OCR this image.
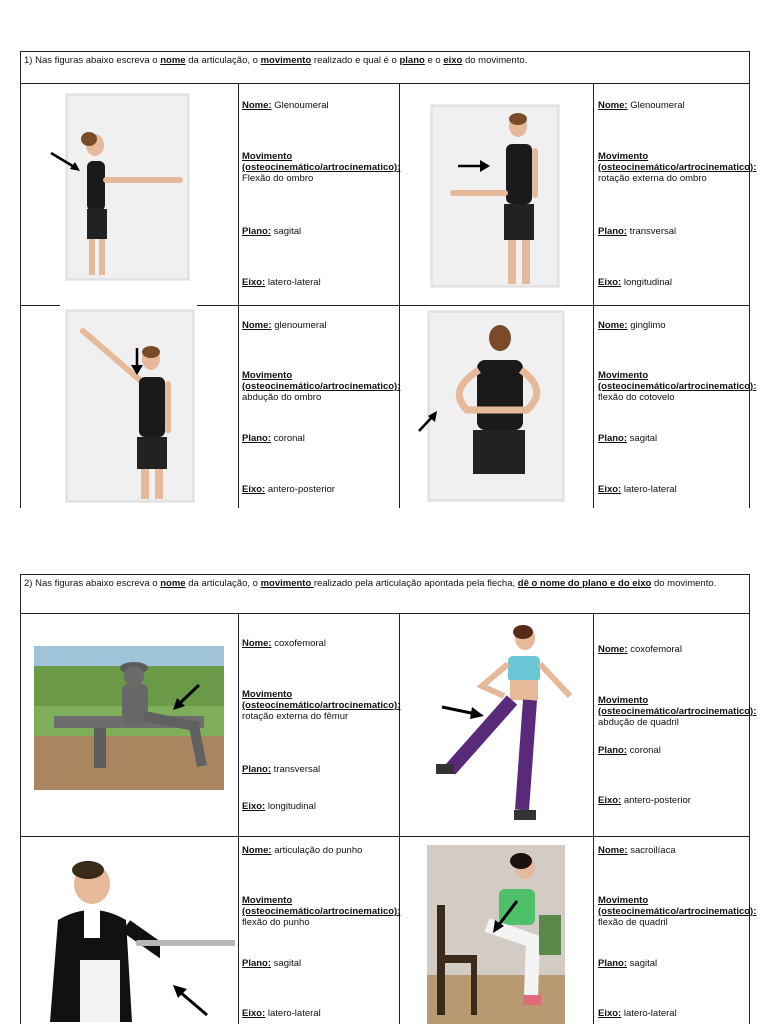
1) Nas figuras abaixo escreva o nome da articulação, o movimento realizado e qual é o plano e o eixo do movimento.
2) Nas figuras abaixo escreva o nome da articulação, o movimento realizado pela articulação apontada pela flecha, dê o nome do plano e do eixo do movimento.
Nome: Glenoumeral
Movimento (osteocinemático/artrocinematico): Flexão do ombro
Plano: sagital
Eixo: latero-lateral
Nome: Glenoumeral
Movimento (osteocinemático/artrocinematico): rotação externa do ombro
Plano: transversal
Eixo: longitudinal
Nome: glenoumeral
Movimento (osteocinemático/artrocinematico): abdução do ombro
Plano: coronal
Eixo: antero-posterior
Nome: ginglimo
Movimento (osteocinemático/artrocinematico): flexão do cotovelo
Plano: sagital
Eixo: latero-lateral
Nome: coxofemoral
Movimento (osteocinemático/artrocinematico): rotação externa do fêmur
Plano: transversal
Eixo: longitudinal
Nome: coxofemoral
Movimento (osteocinemático/artrocinematico): abdução de quadril
Plano: coronal
Eixo: antero-posterior
Nome: articulação do punho
Movimento (osteocinemático/artrocinematico): flexão do punho
Plano: sagital
Eixo: latero-lateral
Nome: sacroilíaca
Movimento (osteocinemático/artrocinematico): flexão de quadril
Plano: sagital
Eixo: latero-lateral
